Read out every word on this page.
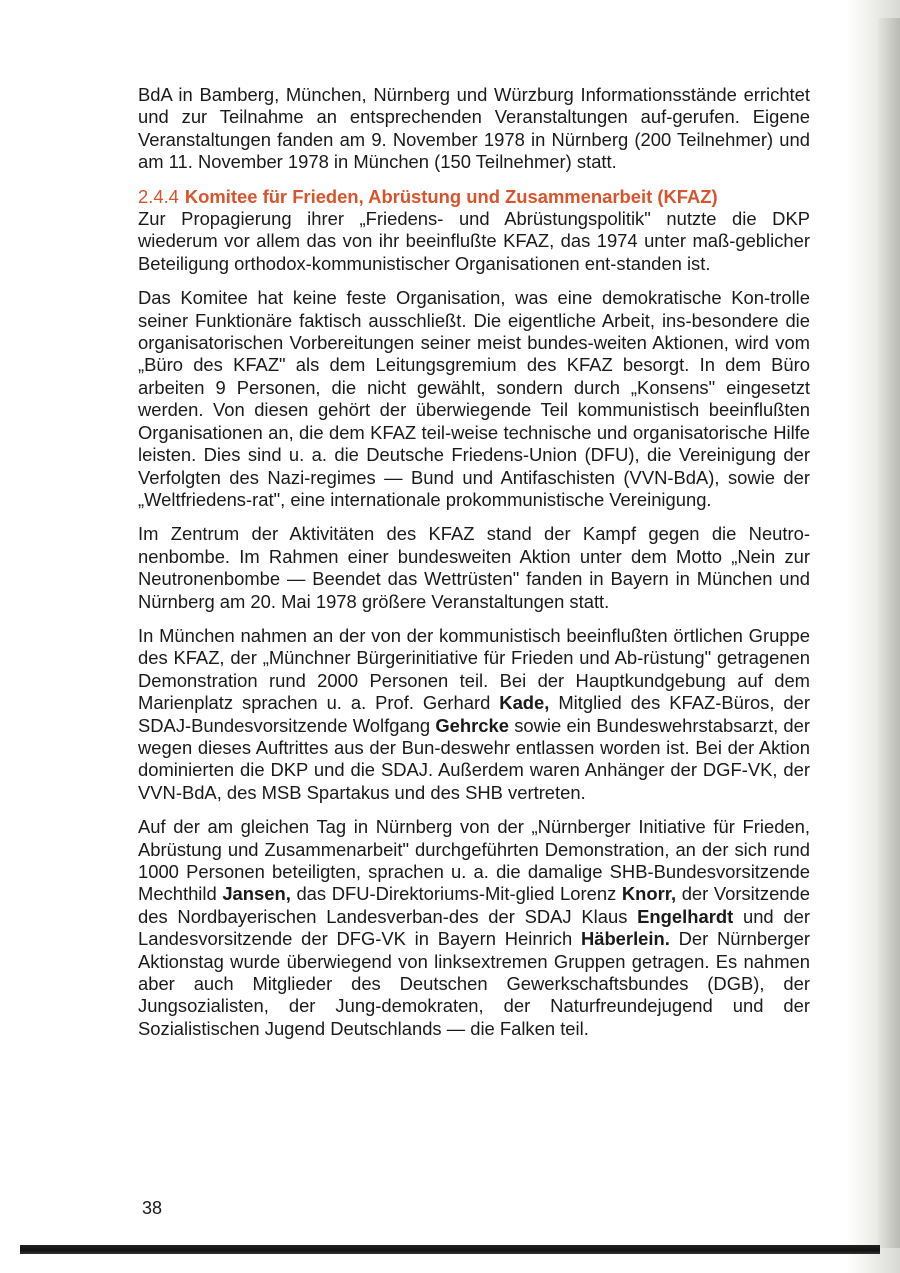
BdA in Bamberg, München, Nürnberg und Würzburg Informationsstände errichtet und zur Teilnahme an entsprechenden Veranstaltungen auf-gerufen. Eigene Veranstaltungen fanden am 9. November 1978 in Nürnberg (200 Teilnehmer) und am 11. November 1978 in München (150 Teilnehmer) statt.

2.4.4 Komitee für Frieden, Abrüstung und Zusammenarbeit (KFAZ)

Zur Propagierung ihrer „Friedens- und Abrüstungspolitik" nutzte die DKP wiederum vor allem das von ihr beeinflußte KFAZ, das 1974 unter maß-geblicher Beteiligung orthodox-kommunistischer Organisationen ent-standen ist.

Das Komitee hat keine feste Organisation, was eine demokratische Kon-trolle seiner Funktionäre faktisch ausschließt. Die eigentliche Arbeit, ins-besondere die organisatorischen Vorbereitungen seiner meist bundes-weiten Aktionen, wird vom „Büro des KFAZ" als dem Leitungsgremium des KFAZ besorgt. In dem Büro arbeiten 9 Personen, die nicht gewählt, sondern durch „Konsens" eingesetzt werden. Von diesen gehört der überwiegende Teil kommunistisch beeinflußten Organisationen an, die dem KFAZ teil-weise technische und organisatorische Hilfe leisten. Dies sind u. a. die Deutsche Friedens-Union (DFU), die Vereinigung der Verfolgten des Nazi-regimes — Bund und Antifaschisten (VVN-BdA), sowie der „Weltfriedens-rat", eine internationale prokommunistische Vereinigung.

Im Zentrum der Aktivitäten des KFAZ stand der Kampf gegen die Neutro-nenbombe. Im Rahmen einer bundesweiten Aktion unter dem Motto „Nein zur Neutronenbombe — Beendet das Wettrüsten" fanden in Bayern in München und Nürnberg am 20. Mai 1978 größere Veranstaltungen statt.

In München nahmen an der von der kommunistisch beeinflußten örtlichen Gruppe des KFAZ, der „Münchner Bürgerinitiative für Frieden und Ab-rüstung" getragenen Demonstration rund 2000 Personen teil. Bei der Hauptkundgebung auf dem Marienplatz sprachen u. a. Prof. Gerhard Kade, Mitglied des KFAZ-Büros, der SDAJ-Bundesvorsitzende Wolfgang Gehrcke sowie ein Bundeswehrstabsarzt, der wegen dieses Auftrittes aus der Bun-deswehr entlassen worden ist. Bei der Aktion dominierten die DKP und die SDAJ. Außerdem waren Anhänger der DGF-VK, der VVN-BdA, des MSB Spartakus und des SHB vertreten.

Auf der am gleichen Tag in Nürnberg von der „Nürnberger Initiative für Frieden, Abrüstung und Zusammenarbeit" durchgeführten Demonstration, an der sich rund 1000 Personen beteiligten, sprachen u. a. die damalige SHB-Bundesvorsitzende Mechthild Jansen, das DFU-Direktoriums-Mit-glied Lorenz Knorr, der Vorsitzende des Nordbayerischen Landesverban-des der SDAJ Klaus Engelhardt und der Landesvorsitzende der DFG-VK in Bayern Heinrich Häberlein. Der Nürnberger Aktionstag wurde überwiegend von linksextremen Gruppen getragen. Es nahmen aber auch Mitglieder des Deutschen Gewerkschaftsbundes (DGB), der Jungsozialisten, der Jung-demokraten, der Naturfreundejugend und der Sozialistischen Jugend Deutschlands — die Falken teil.

38
